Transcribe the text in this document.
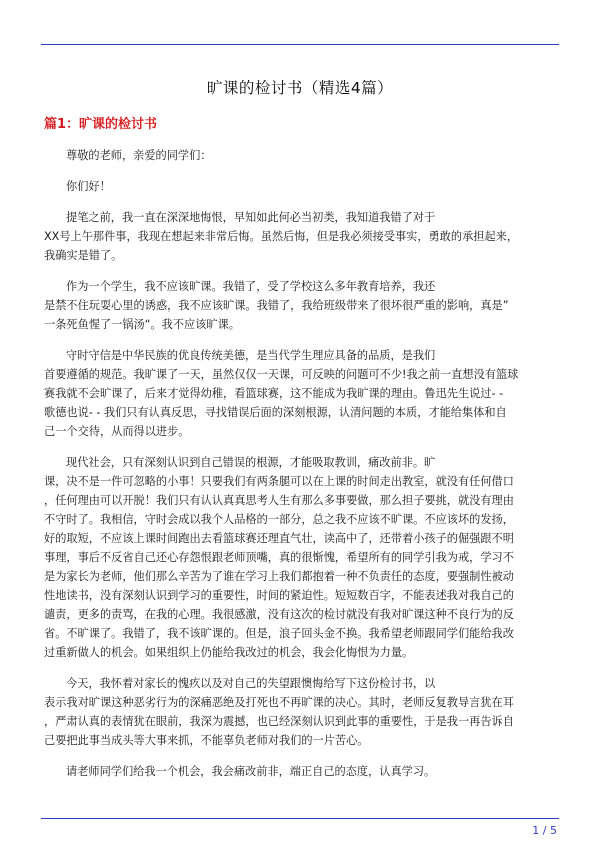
旷课的检讨书（精选4篇）
篇1：旷课的检讨书
尊敬的老师，亲爱的同学们：
你们好！
提笔之前，我一直在深深地悔恨，早知如此何必当初类，我知道我错了对于
XX号上午那件事，我现在想起来非常后悔。虽然后悔，但是我必须接受事实，勇敢的承担起来，
我确实是错了。
作为一个学生，我不应该旷课。我错了，受了学校这么多年教育培养，我还
是禁不住玩耍心里的诱惑，我不应该旷课。我错了，我给班级带来了很坏很严重的影响，真是”
一条死鱼惺了一锅汤“。我不应该旷课。
守时守信是中华民族的优良传统美德，是当代学生理应具备的品质，是我们
首要遵循的规范。我旷课了一天，虽然仅仅一天课，可反映的问题可不少!我之前一直想没有篮球
赛我就不会旷课了，后来才觉得幼稚，看篮球赛，这不能成为我旷课的理由。鲁迅先生说过- -
歌德也说- - 我们只有认真反思，寻找错误后面的深刻根源，认清问题的本质，才能给集体和自
己一个交待，从而得以进步。
现代社会，只有深刻认识到自己错误的根源，才能吸取教训，痛改前非。旷
课，决不是一件可忽略的小事！只要我们有两条腿可以在上课的时间走出教室，就没有任何借口
，任何理由可以开脱！我们只有认认真真思考人生有那么多事要做，那么担子要挑，就没有理由
不守时了。我相信，守时会成以我个人品格的一部分，总之我不应该不旷课。不应该坏的发扬，
好的取短，不应该上课时间跑出去看篮球赛还理直气壮，读高中了，还带着小孩子的倔强跟不明
事理，事后不反省自己还心存怨恨跟老师顶嘴，真的很惭愧，希望所有的同学引我为戒，学习不
是为家长为老师，他们那么辛苦为了谁在学习上我们都抱着一种不负责任的态度，要强制性被动
性地读书，没有深刻认识到学习的重要性，时间的紧迫性。短短数百字，不能表述我对我自己的
谴责，更多的责骂，在我的心理。我很感激，没有这次的检讨就没有我对旷课这种不良行为的反
省。不旷课了。我错了，我不该旷课的。但是，浪子回头金不换。我希望老师跟同学们能给我改
过重新做人的机会。如果组织上仍能给我改过的机会，我会化悔恨为力量。
今天，我怀着对家长的愧疚以及对自己的失望跟懊悔给写下这份检讨书，以
表示我对旷课这种恶劣行为的深痛恶绝及打死也不再旷课的决心。其时，老师反复教导言犹在耳
，严肃认真的表情犹在眼前，我深为震撼，也已经深刻认识到此事的重要性，于是我一再告诉自
己要把此事当成头等大事来抓，不能辜负老师对我们的一片苦心。
请老师同学们给我一个机会，我会痛改前非，端正自己的态度，认真学习。
1 / 5
